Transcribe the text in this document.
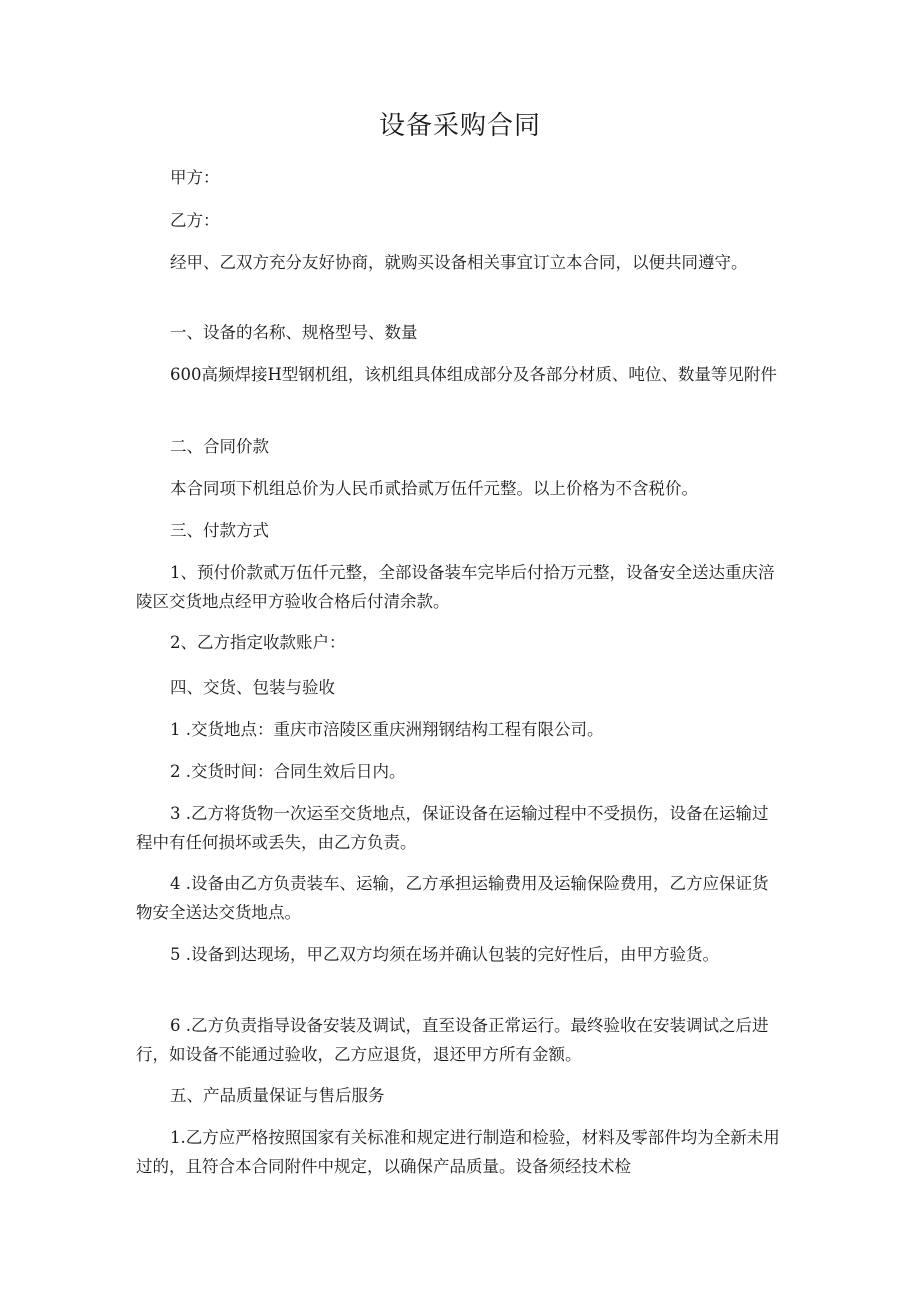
设备采购合同
甲方：
乙方：
经甲、乙双方充分友好协商，就购买设备相关事宜订立本合同，以便共同遵守。
一、设备的名称、规格型号、数量
600高频焊接H型钢机组，该机组具体组成部分及各部分材质、吨位、数量等见附件
二、合同价款
本合同项下机组总价为人民币贰拾贰万伍仟元整。以上价格为不含税价。
三、付款方式
1、预付价款贰万伍仟元整，全部设备装车完毕后付拾万元整，设备安全送达重庆涪陵区交货地点经甲方验收合格后付清余款。
2、乙方指定收款账户：
四、交货、包装与验收
1 .交货地点：重庆市涪陵区重庆洲翔钢结构工程有限公司。
2 .交货时间：合同生效后日内。
3 .乙方将货物一次运至交货地点，保证设备在运输过程中不受损伤，设备在运输过程中有任何损坏或丢失，由乙方负责。
4 .设备由乙方负责装车、运输，乙方承担运输费用及运输保险费用，乙方应保证货物安全送达交货地点。
5 .设备到达现场，甲乙双方均须在场并确认包装的完好性后，由甲方验货。
6 .乙方负责指导设备安装及调试，直至设备正常运行。最终验收在安装调试之后进行，如设备不能通过验收，乙方应退货，退还甲方所有金额。
五、产品质量保证与售后服务
1.乙方应严格按照国家有关标准和规定进行制造和检验，材料及零部件均为全新未用过的，且符合本合同附件中规定，以确保产品质量。设备须经技术检
